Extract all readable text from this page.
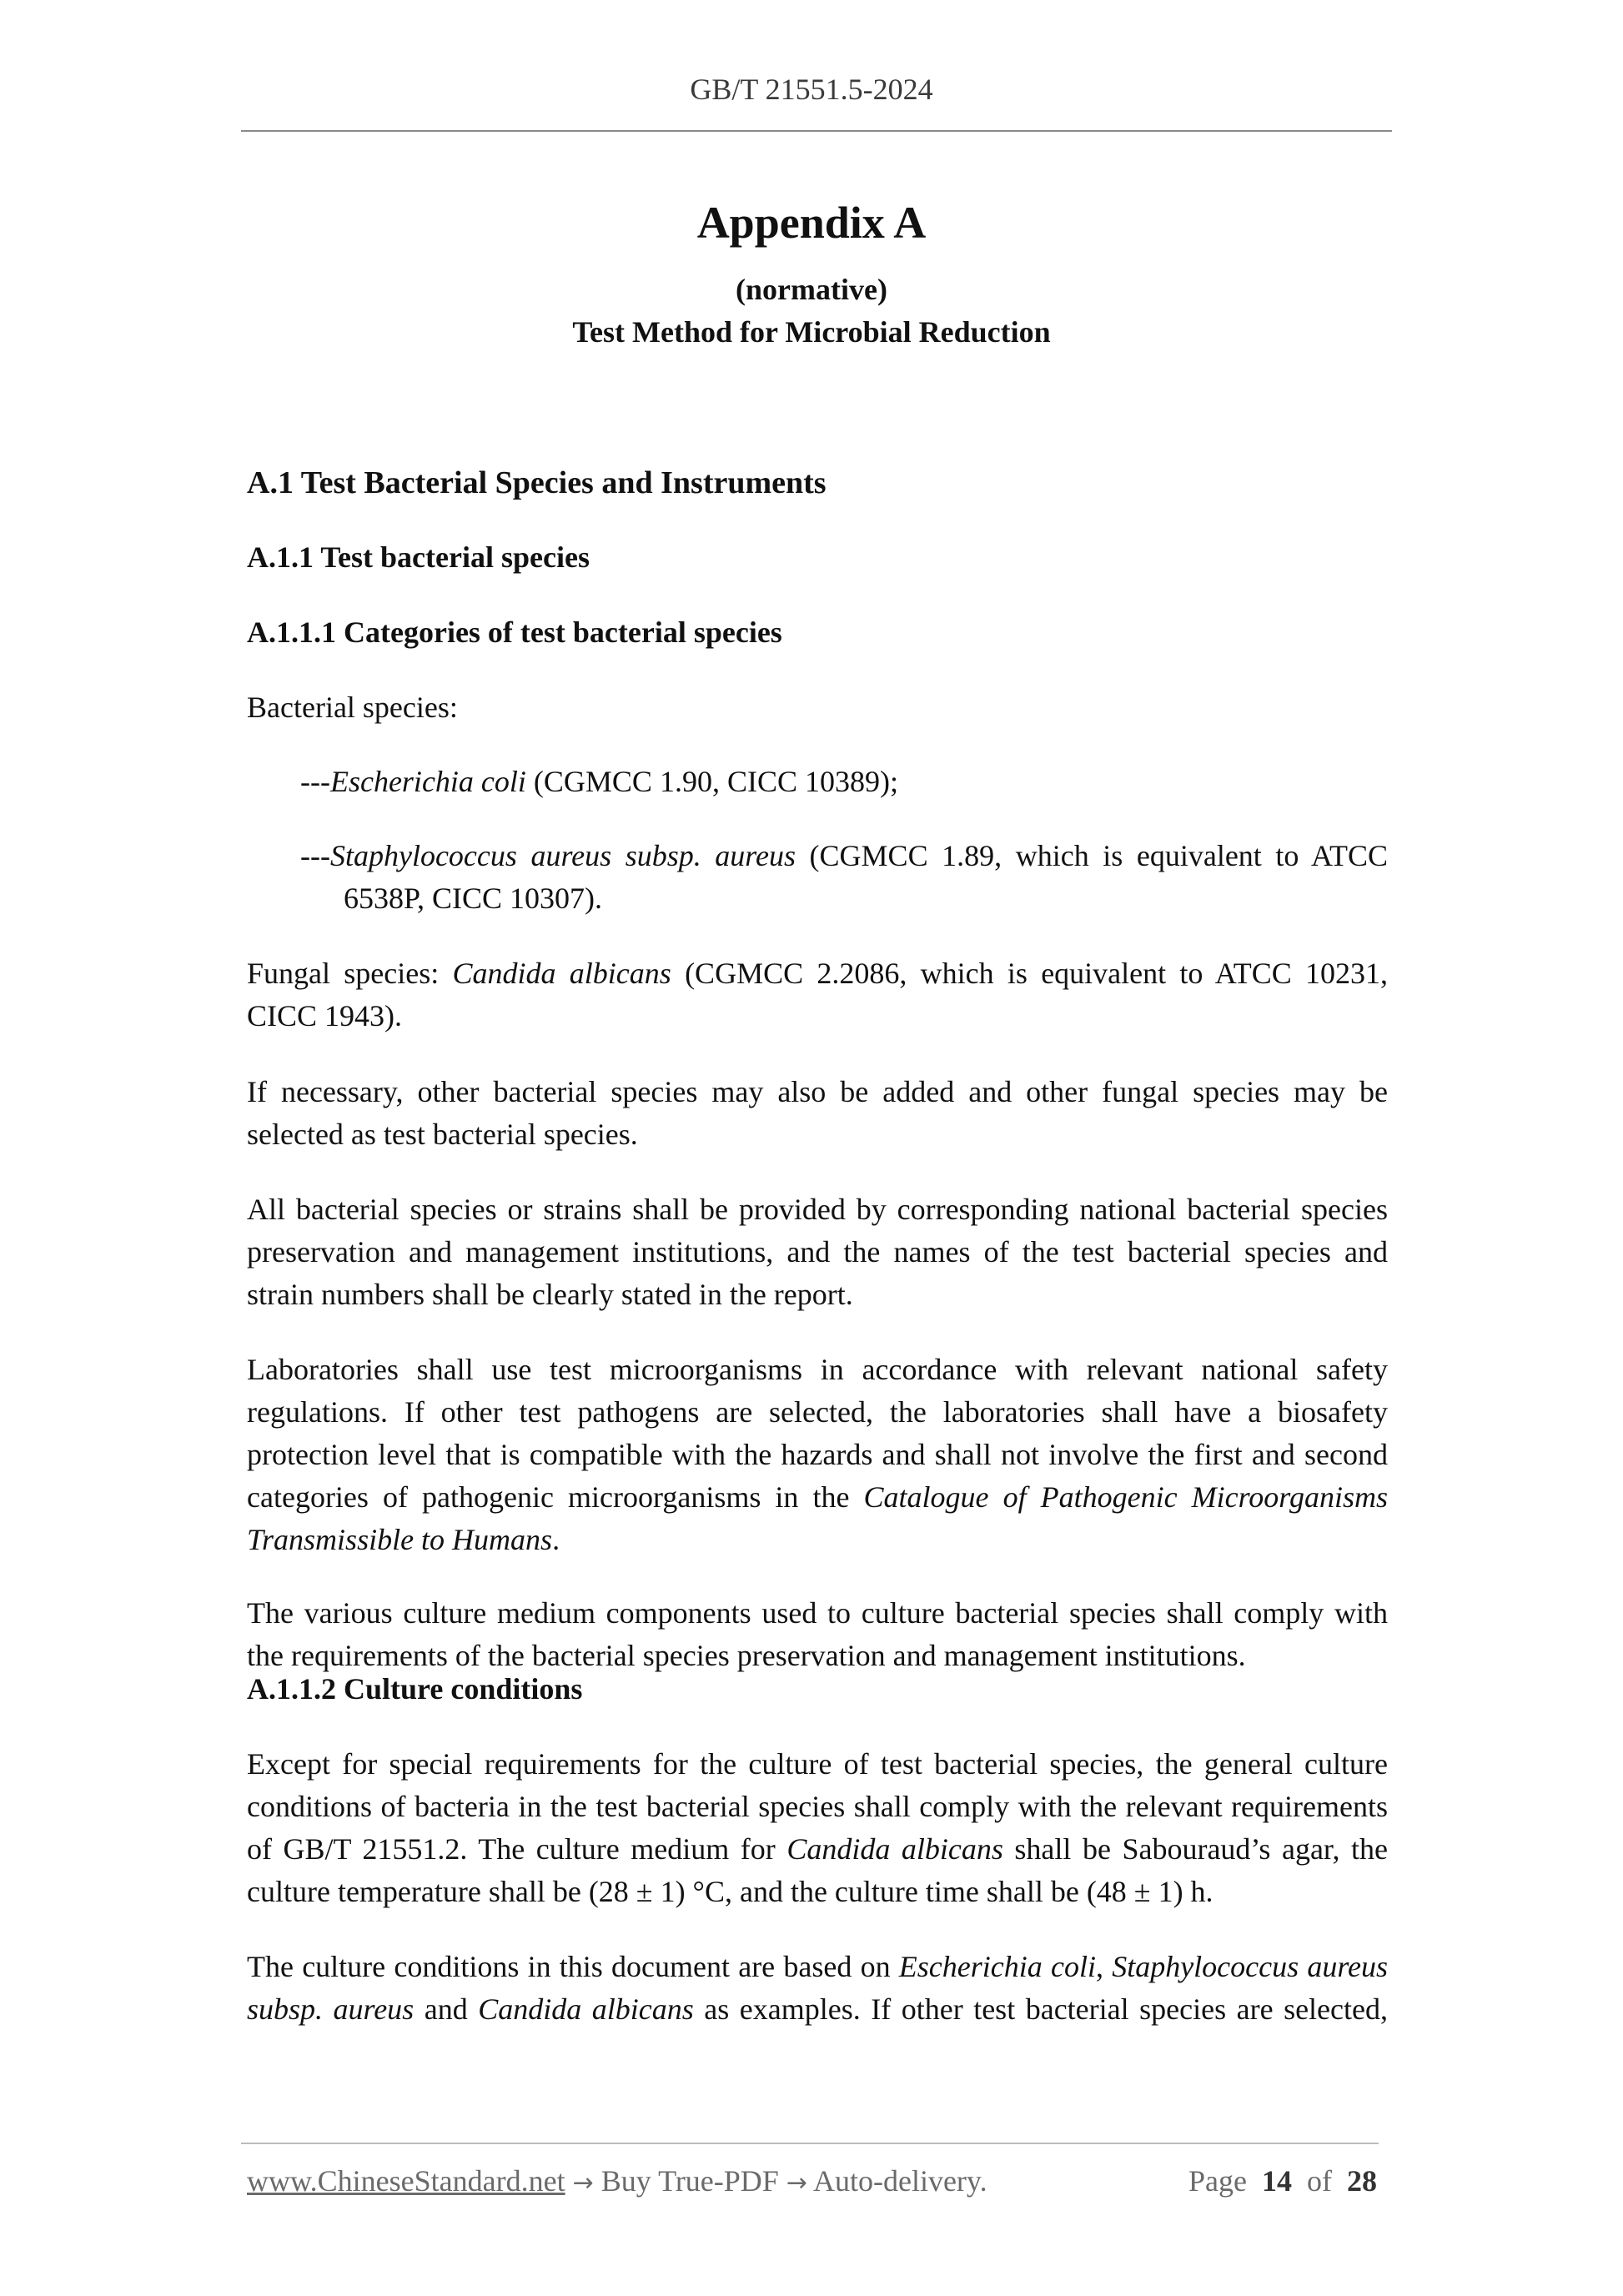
GB/T 21551.5-2024
Appendix A
(normative)
Test Method for Microbial Reduction
A.1 Test Bacterial Species and Instruments
A.1.1 Test bacterial species
A.1.1.1 Categories of test bacterial species
Bacterial species:
---Escherichia coli (CGMCC 1.90, CICC 10389);
---Staphylococcus aureus subsp. aureus (CGMCC 1.89, which is equivalent to ATCC 6538P, CICC 10307).
Fungal species: Candida albicans (CGMCC 2.2086, which is equivalent to ATCC 10231, CICC 1943).
If necessary, other bacterial species may also be added and other fungal species may be selected as test bacterial species.
All bacterial species or strains shall be provided by corresponding national bacterial species preservation and management institutions, and the names of the test bacterial species and strain numbers shall be clearly stated in the report.
Laboratories shall use test microorganisms in accordance with relevant national safety regulations. If other test pathogens are selected, the laboratories shall have a biosafety protection level that is compatible with the hazards and shall not involve the first and second categories of pathogenic microorganisms in the Catalogue of Pathogenic Microorganisms Transmissible to Humans.
The various culture medium components used to culture bacterial species shall comply with the requirements of the bacterial species preservation and management institutions.
A.1.1.2 Culture conditions
Except for special requirements for the culture of test bacterial species, the general culture conditions of bacteria in the test bacterial species shall comply with the relevant requirements of GB/T 21551.2. The culture medium for Candida albicans shall be Sabouraud’s agar, the culture temperature shall be (28 ± 1) °C, and the culture time shall be (48 ± 1) h.
The culture conditions in this document are based on Escherichia coli, Staphylococcus aureus subsp. aureus and Candida albicans as examples. If other test bacterial species are selected,
www.ChineseStandard.net → Buy True-PDF → Auto-delivery.	Page 14 of 28
